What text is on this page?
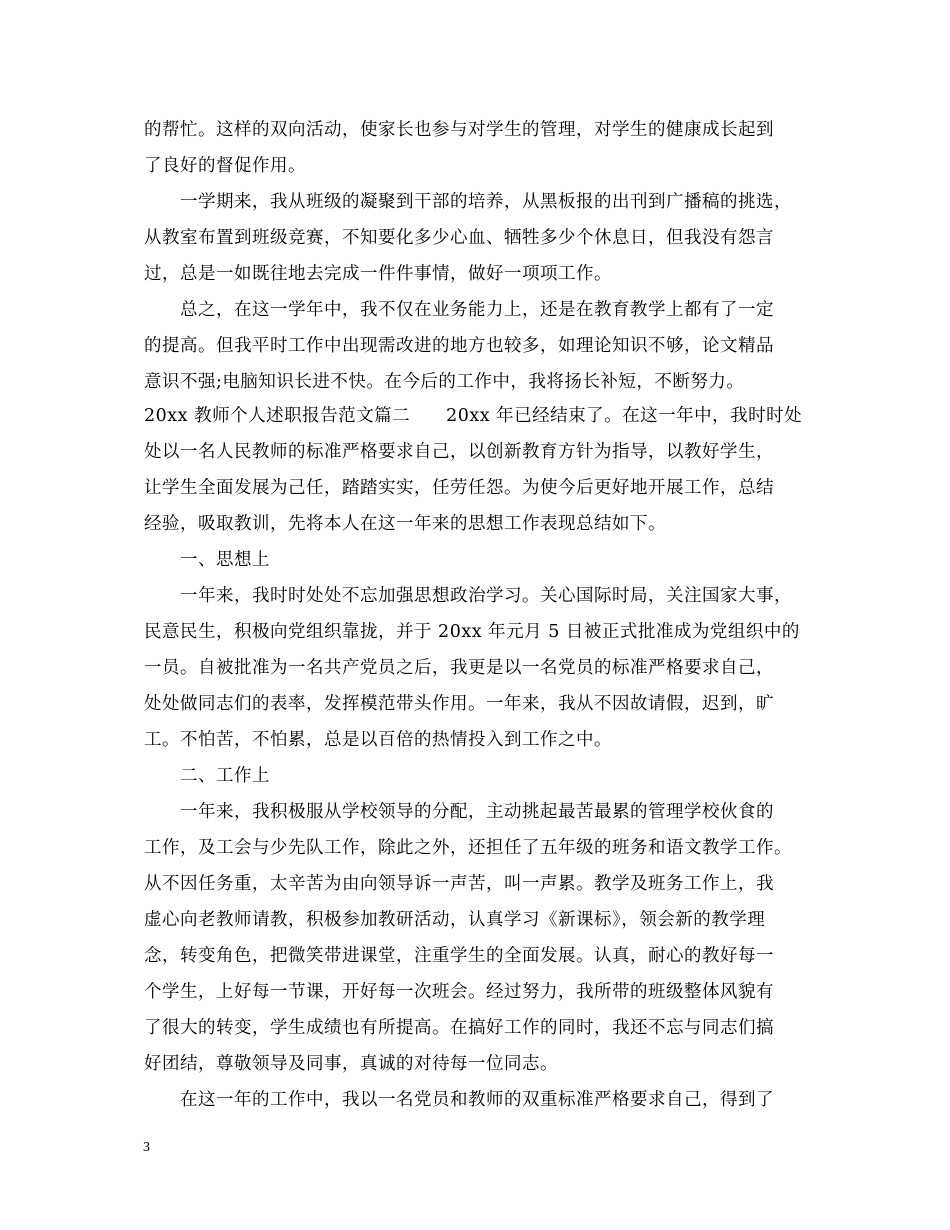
的帮忙。这样的双向活动，使家长也参与对学生的管理，对学生的健康成长起到
了良好的督促作用。
一学期来，我从班级的凝聚到干部的培养，从黑板报的出刊到广播稿的挑选，
从教室布置到班级竞赛，不知要化多少心血、牺牲多少个休息日，但我没有怨言
过，总是一如既往地去完成一件件事情，做好一项项工作。
总之，在这一学年中，我不仅在业务能力上，还是在教育教学上都有了一定
的提高。但我平时工作中出现需改进的地方也较多，如理论知识不够，论文精品
意识不强;电脑知识长进不快。在今后的工作中，我将扬长补短，不断努力。
20xx 教师个人述职报告范文篇二　　20xx 年已经结束了。在这一年中，我时时处
处以一名人民教师的标准严格要求自己，以创新教育方针为指导，以教好学生，
让学生全面发展为己任，踏踏实实，任劳任怨。为使今后更好地开展工作，总结
经验，吸取教训，先将本人在这一年来的思想工作表现总结如下。
一、思想上
一年来，我时时处处不忘加强思想政治学习。关心国际时局，关注国家大事，
民意民生，积极向党组织靠拢，并于 20xx 年元月 5 日被正式批准成为党组织中的
一员。自被批准为一名共产党员之后，我更是以一名党员的标准严格要求自己，
处处做同志们的表率，发挥模范带头作用。一年来，我从不因故请假，迟到，旷
工。不怕苦，不怕累，总是以百倍的热情投入到工作之中。
二、工作上
一年来，我积极服从学校领导的分配，主动挑起最苦最累的管理学校伙食的
工作，及工会与少先队工作，除此之外，还担任了五年级的班务和语文教学工作。
从不因任务重，太辛苦为由向领导诉一声苦，叫一声累。教学及班务工作上，我
虚心向老教师请教，积极参加教研活动，认真学习《新课标》，领会新的教学理
念，转变角色，把微笑带进课堂，注重学生的全面发展。认真，耐心的教好每一
个学生，上好每一节课，开好每一次班会。经过努力，我所带的班级整体风貌有
了很大的转变，学生成绩也有所提高。在搞好工作的同时，我还不忘与同志们搞
好团结，尊敬领导及同事，真诚的对待每一位同志。
在这一年的工作中，我以一名党员和教师的双重标准严格要求自己，得到了
3
